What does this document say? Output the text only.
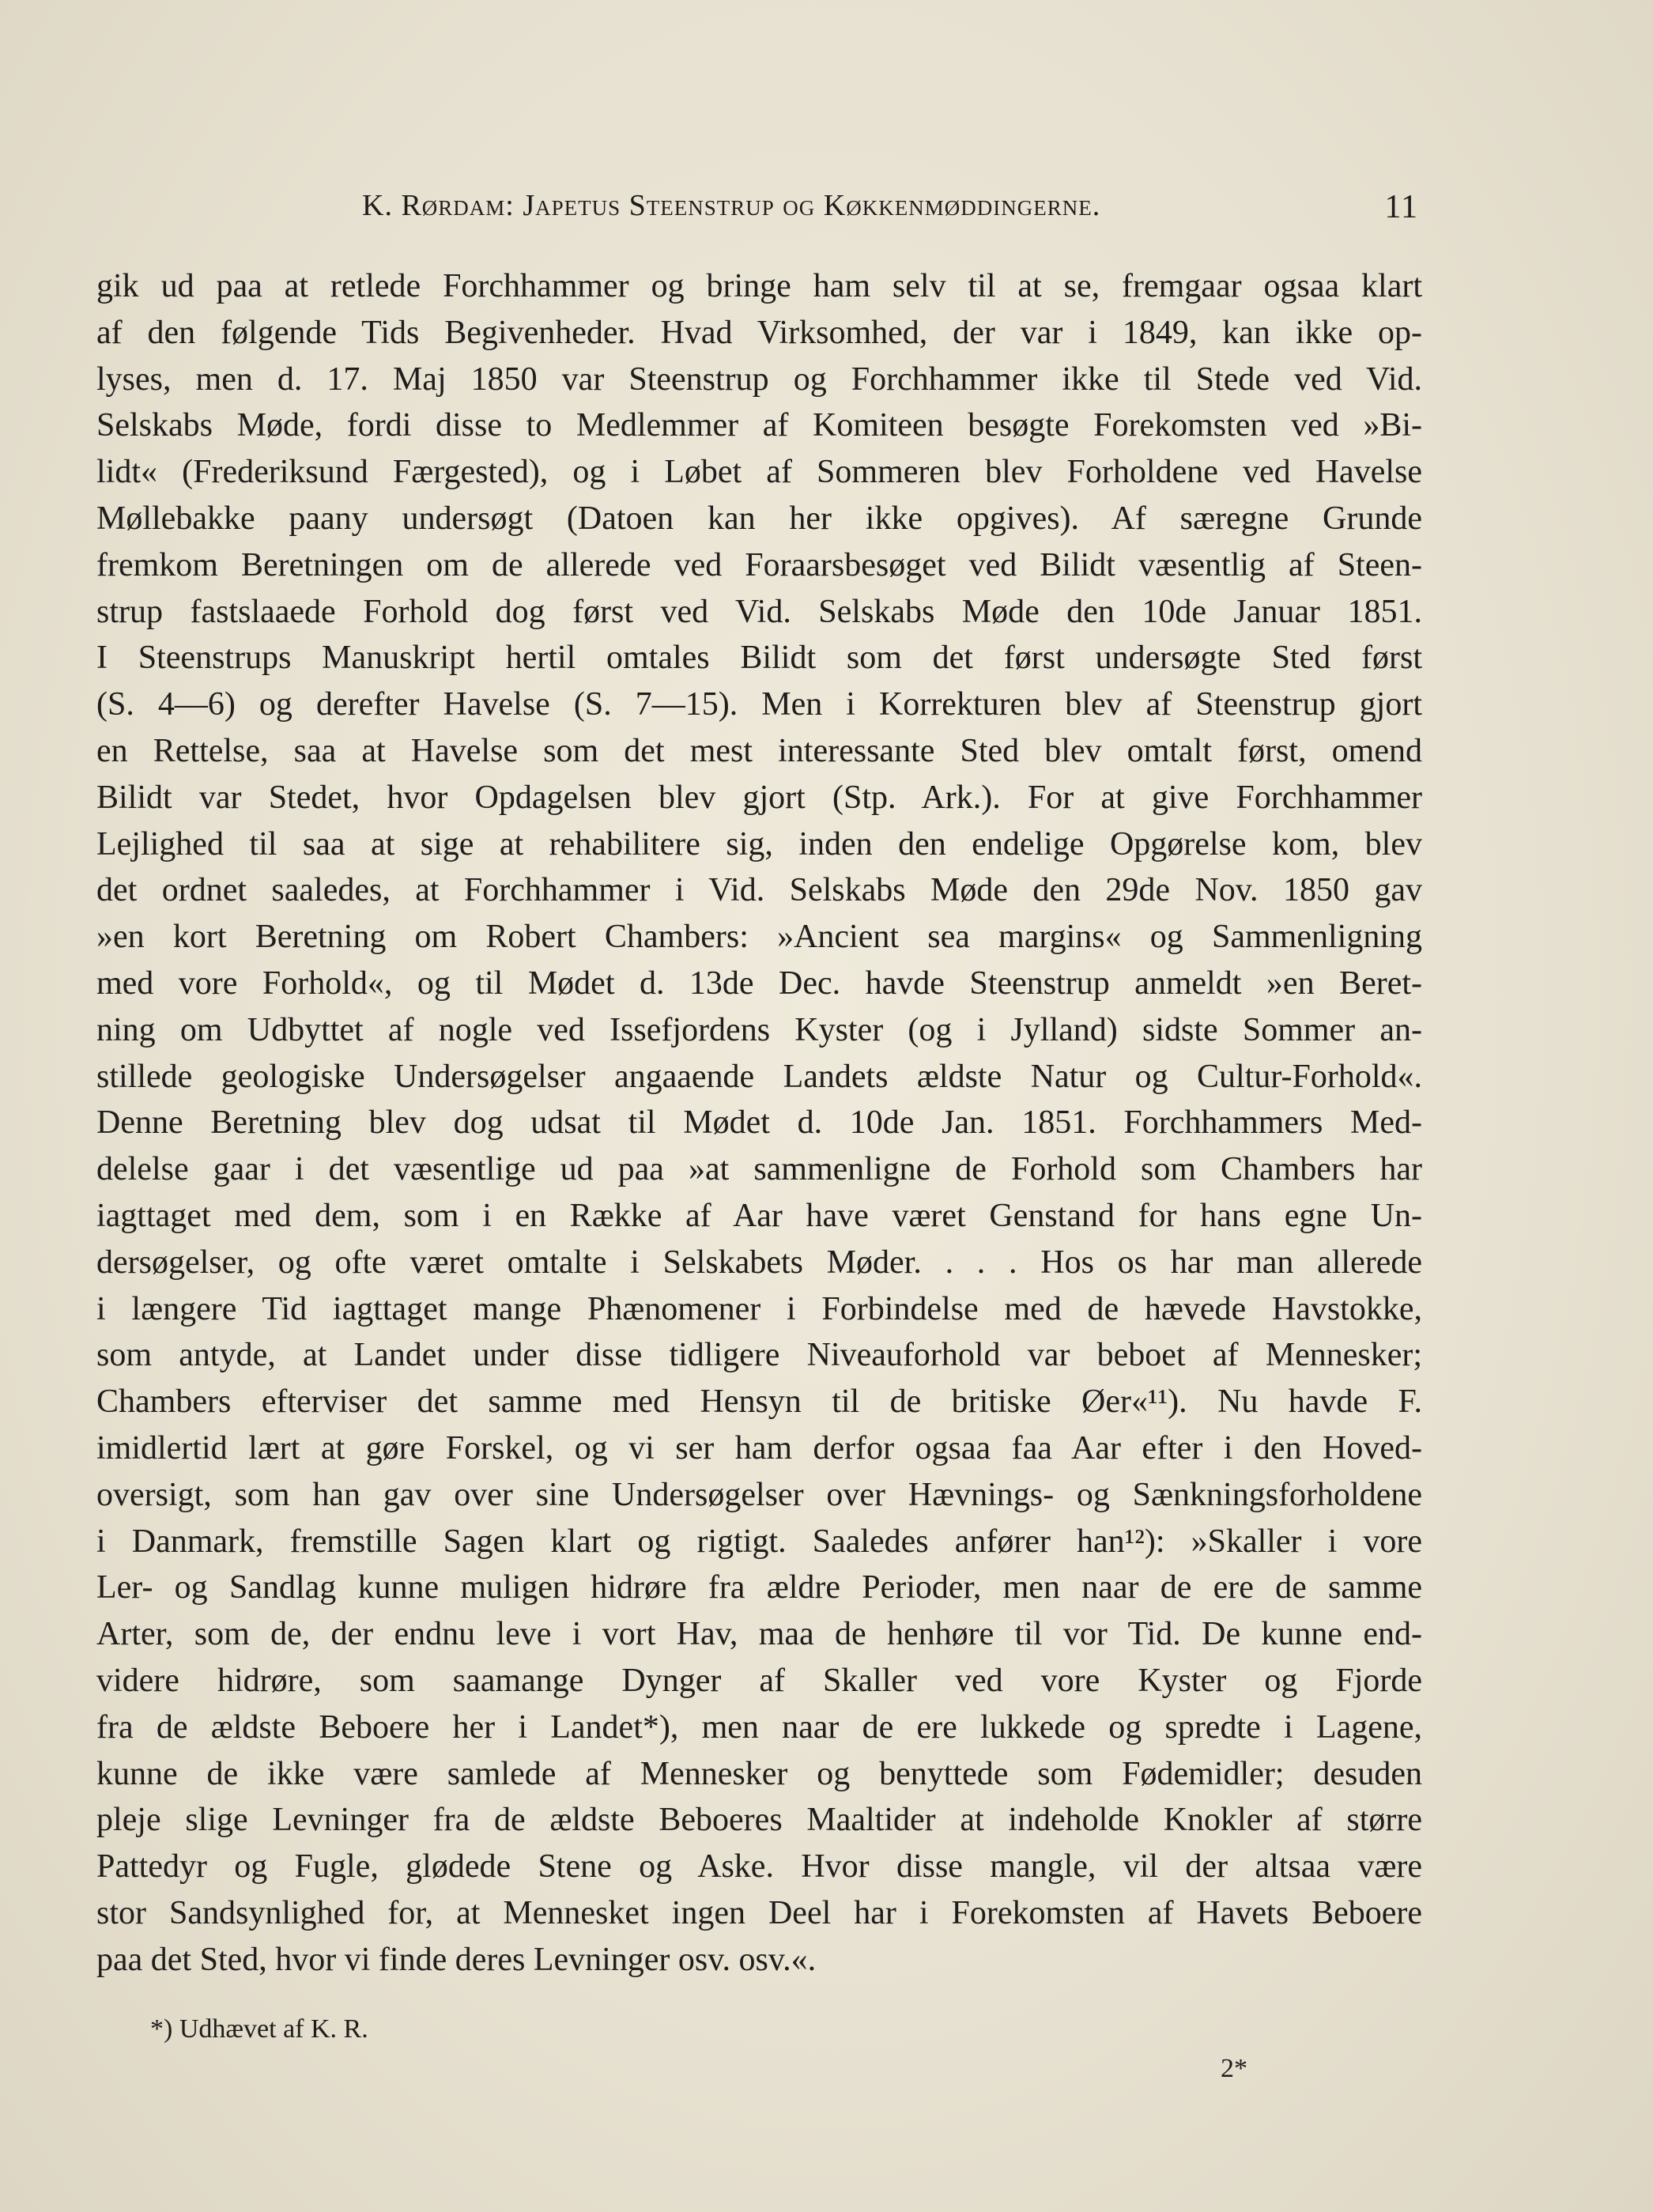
K. Rørdam: Japetus Steenstrup og Køkkenmøddingerne.	11
gik ud paa at retlede Forchhammer og bringe ham selv til at se, fremgaar ogsaa klart
af den følgende Tids Begivenheder. Hvad Virksomhed, der var i 1849, kan ikke op-
lyses, men d. 17. Maj 1850 var Steenstrup og Forchhammer ikke til Stede ved Vid.
Selskabs Møde, fordi disse to Medlemmer af Komiteen besøgte Forekomsten ved »Bi-
lidt« (Frederiksund Færgested), og i Løbet af Sommeren blev Forholdene ved Havelse
Møllebakke paany undersøgt (Datoen kan her ikke opgives). Af særegne Grunde
fremkom Beretningen om de allerede ved Foraarsbesøget ved Bilidt væsentlig af Steen-
strup fastslaaede Forhold dog først ved Vid. Selskabs Møde den 10de Januar 1851.
I Steenstrups Manuskript hertil omtales Bilidt som det først undersøgte Sted først
(S. 4—6) og derefter Havelse (S. 7—15). Men i Korrekturen blev af Steenstrup gjort
en Rettelse, saa at Havelse som det mest interessante Sted blev omtalt først, omend
Bilidt var Stedet, hvor Opdagelsen blev gjort (Stp. Ark.). For at give Forchhammer
Lejlighed til saa at sige at rehabilitere sig, inden den endelige Opgørelse kom, blev
det ordnet saaledes, at Forchhammer i Vid. Selskabs Møde den 29de Nov. 1850 gav
»en kort Beretning om Robert Chambers: »Ancient sea margins« og Sammenligning
med vore Forhold«, og til Mødet d. 13de Dec. havde Steenstrup anmeldt »en Beret-
ning om Udbyttet af nogle ved Issefjordens Kyster (og i Jylland) sidste Sommer an-
stillede geologiske Undersøgelser angaaende Landets ældste Natur og Cultur-Forhold«.
Denne Beretning blev dog udsat til Mødet d. 10de Jan. 1851. Forchhammers Med-
delelse gaar i det væsentlige ud paa »at sammenligne de Forhold som Chambers har
iagttaget med dem, som i en Række af Aar have været Genstand for hans egne Un-
dersøgelser, og ofte været omtalte i Selskabets Møder. . . . Hos os har man allerede
i længere Tid iagttaget mange Phænomener i Forbindelse med de hævede Havstokke,
som antyde, at Landet under disse tidligere Niveauforhold var beboet af Mennesker;
Chambers efterviser det samme med Hensyn til de britiske Øer«¹¹). Nu havde F.
imidlertid lært at gøre Forskel, og vi ser ham derfor ogsaa faa Aar efter i den Hoved-
oversigt, som han gav over sine Undersøgelser over Hævnings- og Sænkningsforholdene
i Danmark, fremstille Sagen klart og rigtigt. Saaledes anfører han¹²): »Skaller i vore
Ler- og Sandlag kunne muligen hidrøre fra ældre Perioder, men naar de ere de samme
Arter, som de, der endnu leve i vort Hav, maa de henhøre til vor Tid. De kunne end-
videre hidrøre, som saamange Dynger af Skaller ved vore Kyster og Fjorde
fra de ældste Beboere her i Landet*), men naar de ere lukkede og spredte i Lagene,
kunne de ikke være samlede af Mennesker og benyttede som Fødemidler; desuden
pleje slige Levninger fra de ældste Beboeres Maaltider at indeholde Knokler af større
Pattedyr og Fugle, glødede Stene og Aske. Hvor disse mangle, vil der altsaa være
stor Sandsynlighed for, at Mennesket ingen Deel har i Forekomsten af Havets Beboere
paa det Sted, hvor vi finde deres Levninger osv. osv.«.
*) Udhævet af K. R.
2*
